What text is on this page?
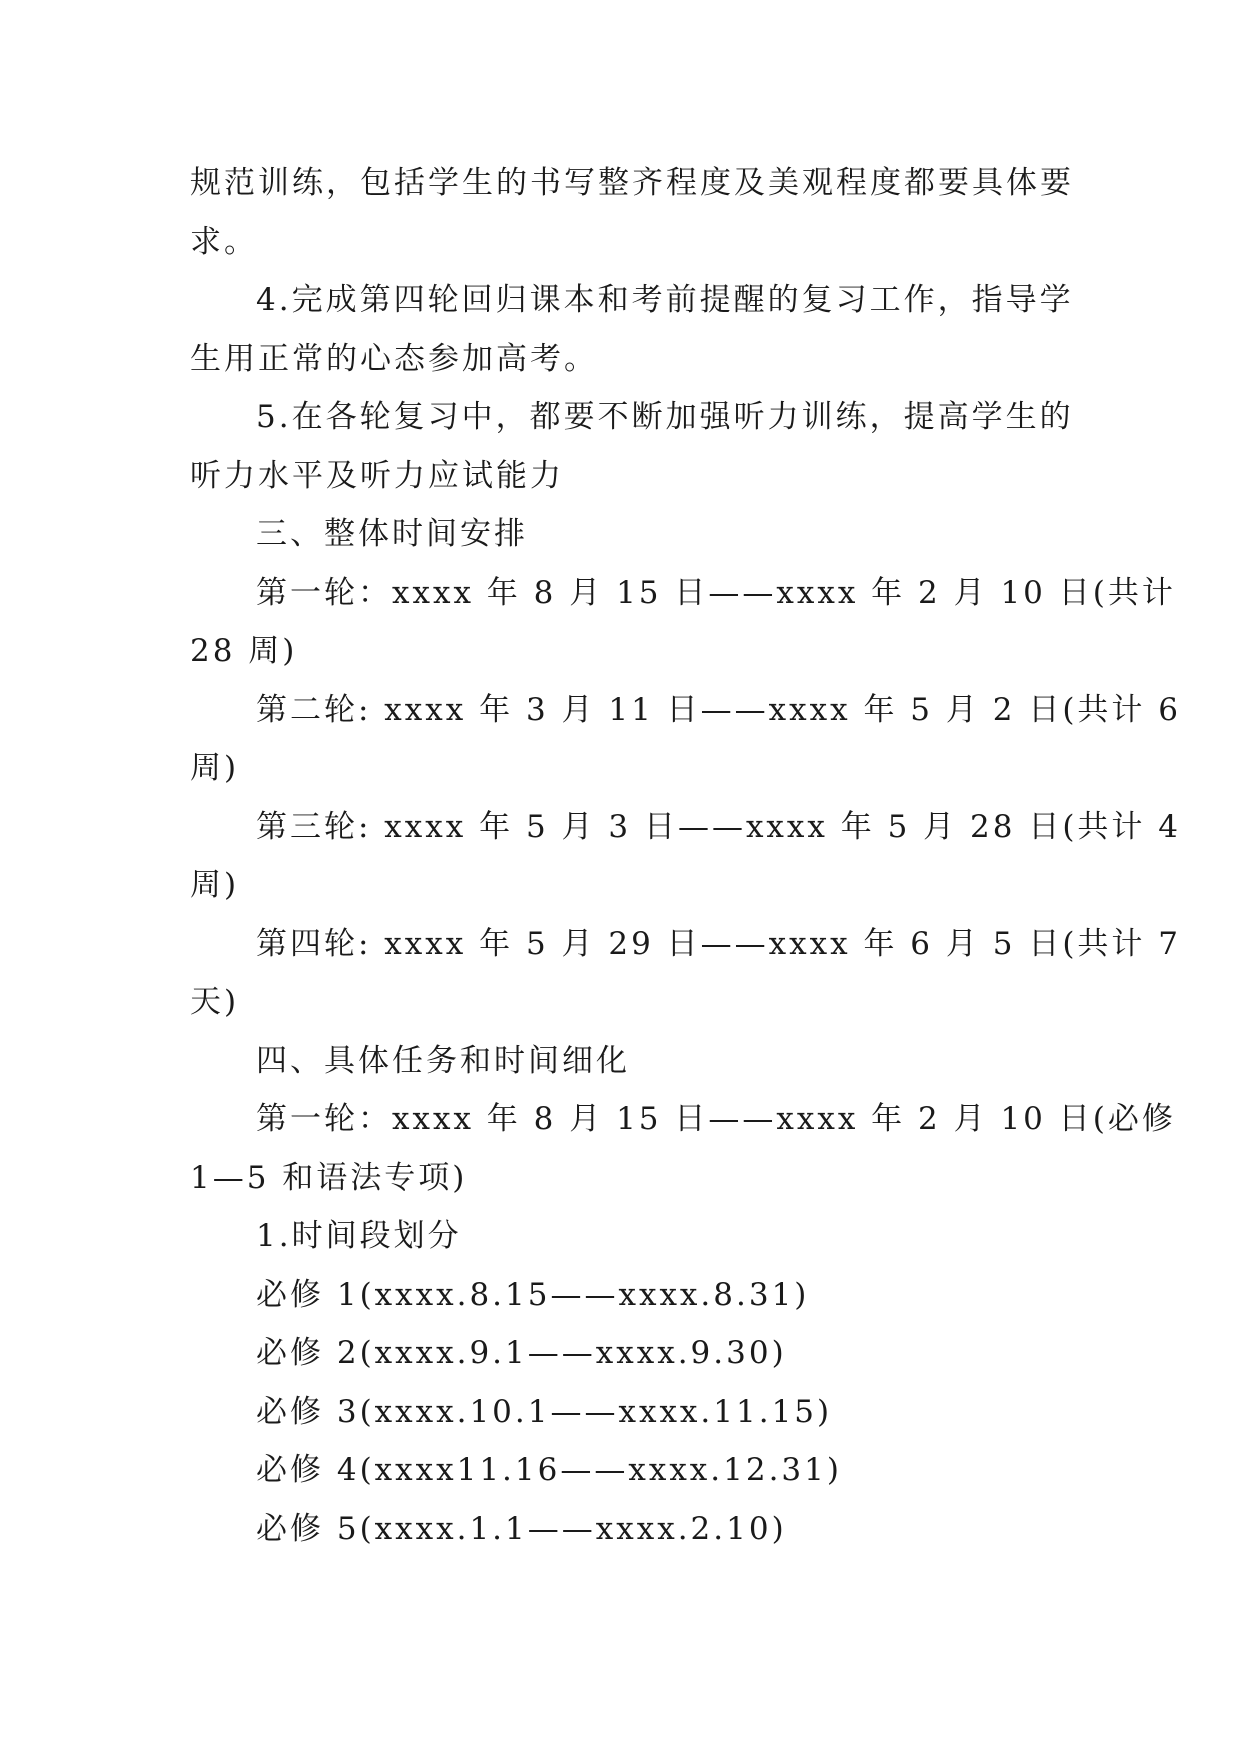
规范训练，包括学生的书写整齐程度及美观程度都要具体要
求。
4.完成第四轮回归课本和考前提醒的复习工作，指导学
生用正常的心态参加高考。
5.在各轮复习中，都要不断加强听力训练，提高学生的
听力水平及听力应试能力
三、整体时间安排
第一轮：xxxx 年 8 月 15 日——xxxx 年 2 月 10 日(共计
28 周)
第二轮: xxxx 年 3 月 11 日——xxxx 年 5 月 2 日(共计 6
周)
第三轮: xxxx 年 5 月 3 日——xxxx 年 5 月 28 日(共计 4
周)
第四轮: xxxx 年 5 月 29 日——xxxx 年 6 月 5 日(共计 7
天)
四、具体任务和时间细化
第一轮：xxxx 年 8 月 15 日——xxxx 年 2 月 10 日(必修
1—5 和语法专项)
1.时间段划分
必修 1(xxxx.8.15——xxxx.8.31)
必修 2(xxxx.9.1——xxxx.9.30)
必修 3(xxxx.10.1——xxxx.11.15)
必修 4(xxxx11.16——xxxx.12.31)
必修 5(xxxx.1.1——xxxx.2.10)
